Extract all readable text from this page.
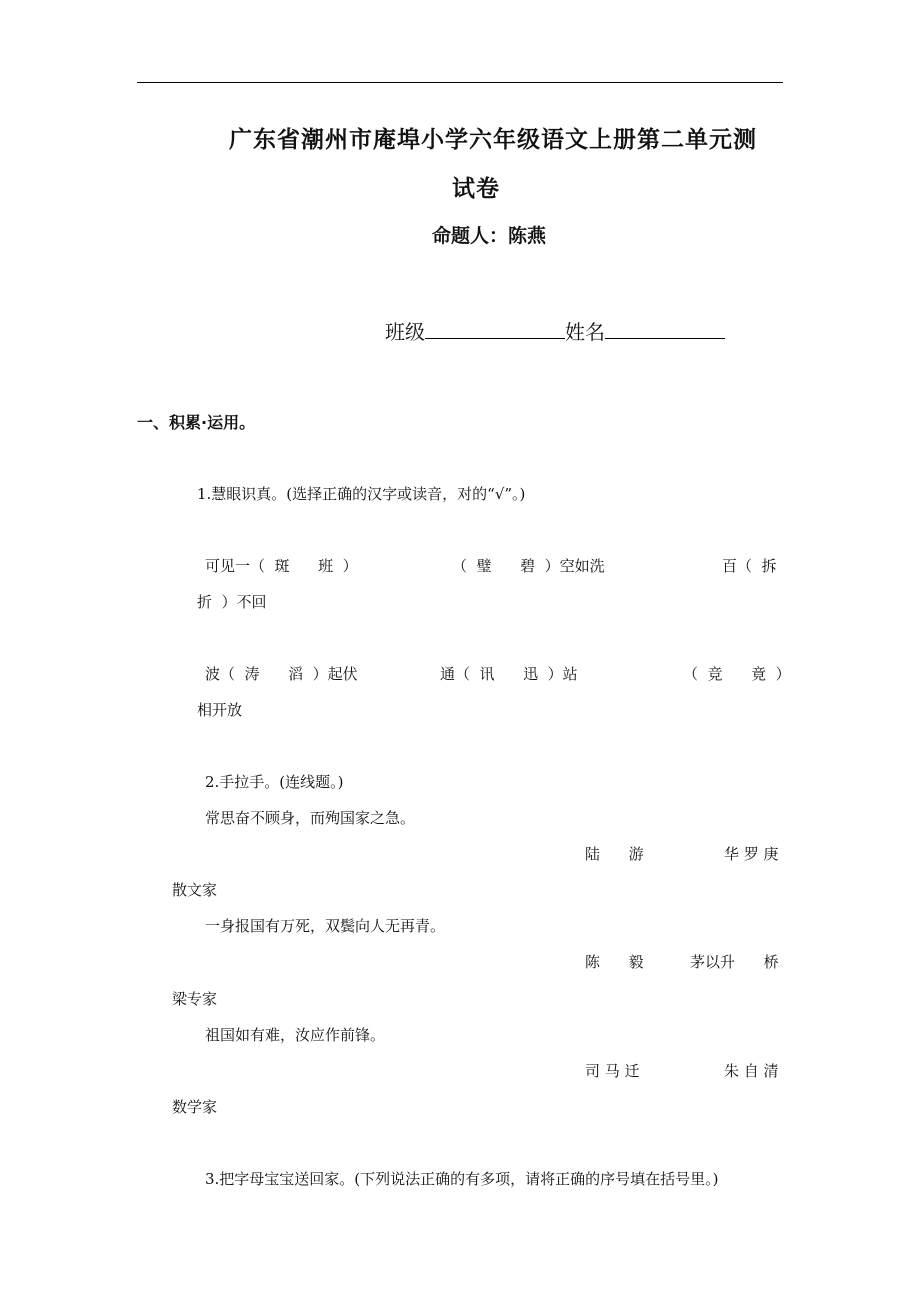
广东省潮州市庵埠小学六年级语文上册第二单元测
试卷
命题人：陈燕
班级	姓名
一、积累·运用。
1.慧眼识真。(选择正确的汉字或读音，对的“√”。)
可见一（  斑      班  ）	（  璧      碧  ）空如洗	百（  拆
折  ）不回
波（  涛      滔  ）起伏	通（  讯      迅  ）站	（  竞      竟  ）
相开放
2.手拉手。(连线题。)
常思奋不顾身，而殉国家之急。
陆      游	华 罗 庚
散文家
一身报国有万死，双鬓向人无再青。
陈      毅	茅以升      桥
梁专家
祖国如有难，汝应作前锋。
司 马 迁	朱 自 清
数学家
3.把字母宝宝送回家。(下列说法正确的有多项，请将正确的序号填在括号里。)
